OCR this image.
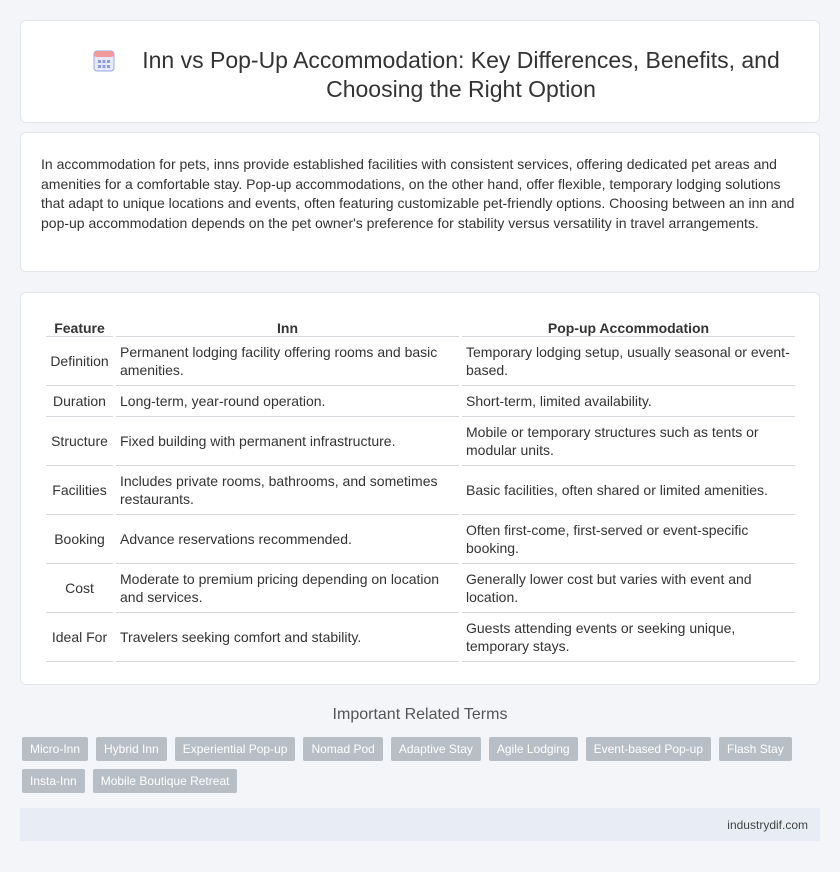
Inn vs Pop-Up Accommodation: Key Differences, Benefits, and Choosing the Right Option

In accommodation for pets, inns provide established facilities with consistent services, offering dedicated pet areas and amenities for a comfortable stay. Pop-up accommodations, on the other hand, offer flexible, temporary lodging solutions that adapt to unique locations and events, often featuring customizable pet-friendly options. Choosing between an inn and pop-up accommodation depends on the pet owner's preference for stability versus versatility in travel arrangements.

Feature	Inn	Pop-up Accommodation
Definition	Permanent lodging facility offering rooms and basic amenities.	Temporary lodging setup, usually seasonal or event-based.
Duration	Long-term, year-round operation.	Short-term, limited availability.
Structure	Fixed building with permanent infrastructure.	Mobile or temporary structures such as tents or modular units.
Facilities	Includes private rooms, bathrooms, and sometimes restaurants.	Basic facilities, often shared or limited amenities.
Booking	Advance reservations recommended.	Often first-come, first-served or event-specific booking.
Cost	Moderate to premium pricing depending on location and services.	Generally lower cost but varies with event and location.
Ideal For	Travelers seeking comfort and stability.	Guests attending events or seeking unique, temporary stays.
Important Related Terms
Micro-Inn	Hybrid Inn	Experiential Pop-up	Nomad Pod	Adaptive Stay	Agile Lodging	Event-based Pop-up	Flash Stay
Insta-Inn	Mobile Boutique Retreat
industrydif.com
